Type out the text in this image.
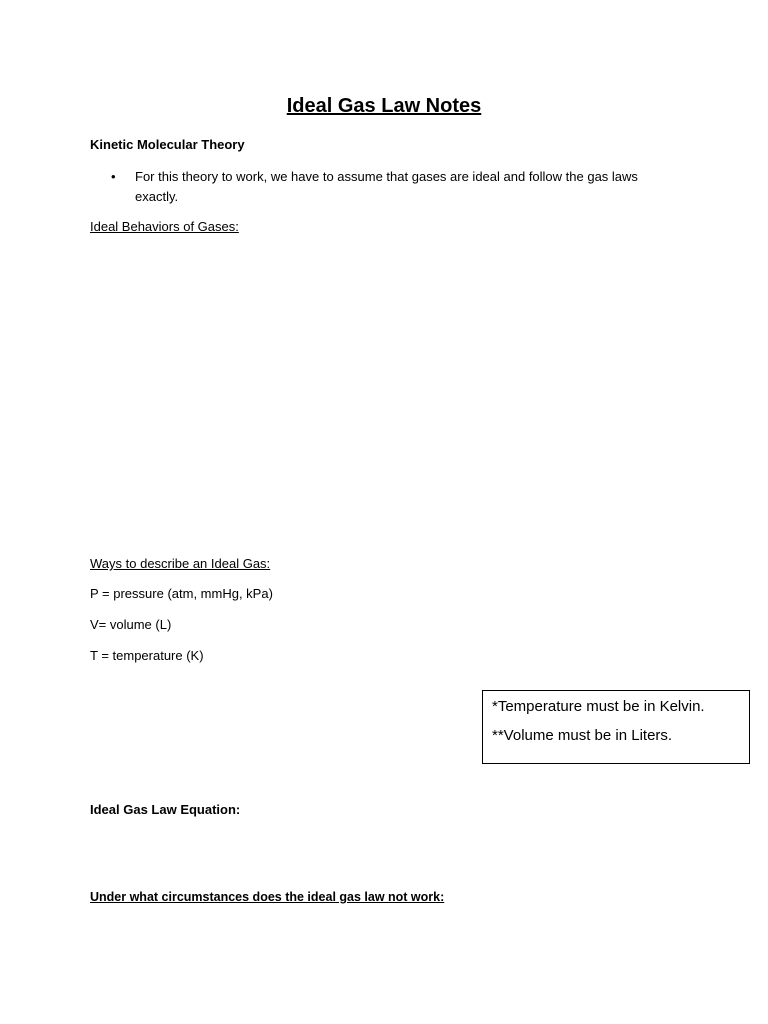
Ideal Gas Law Notes
Kinetic Molecular Theory
•	For this theory to work, we have to assume that gases are ideal and follow the gas laws exactly.
Ideal Behaviors of Gases:
Ways to describe an Ideal Gas:
P = pressure (atm, mmHg, kPa)
V= volume (L)
T = temperature (K)
*Temperature must be in Kelvin.
**Volume must be in Liters.
Ideal Gas Law Equation:
Under what circumstances does the ideal gas law not work:
